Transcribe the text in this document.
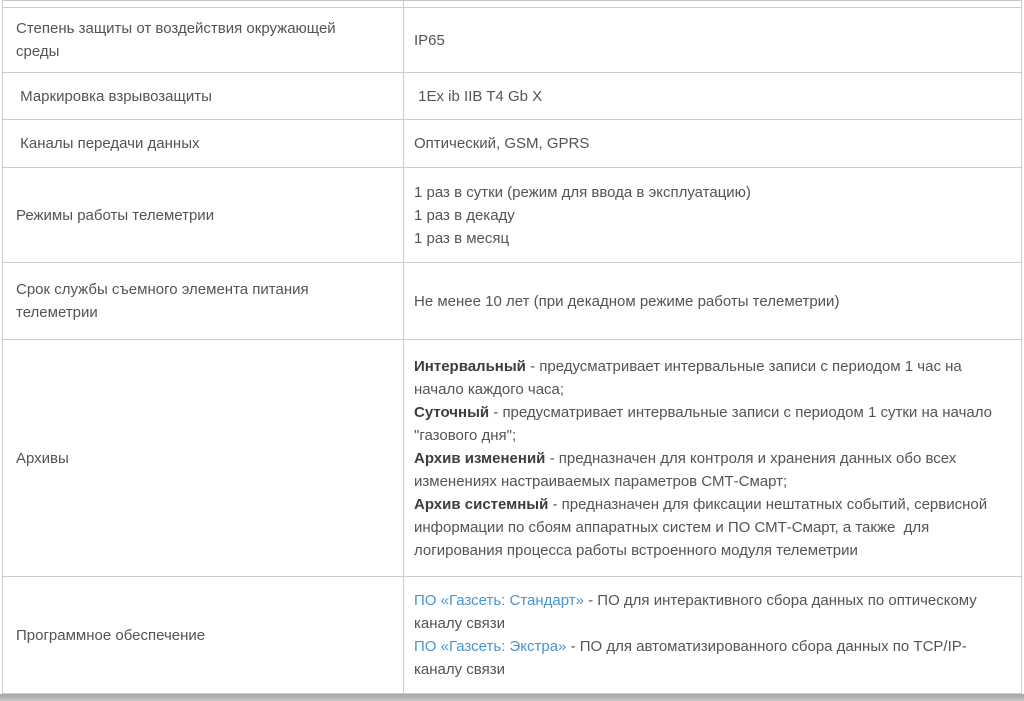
Степень защиты от воздействия окружающей среды
IP65
Маркировка взрывозащиты	1Ex ib IIB T4 Gb X
Каналы передачи данных	Оптический, GSM, GPRS
Режимы работы телеметрии
1 раз в сутки (режим для ввода в эксплуатацию)
1 раз в декаду
1 раз в месяц
Срок службы съемного элемента питания телеметрии
Не менее 10 лет (при декадном режиме работы телеметрии)
Архивы
Интервальный - предусматривает интервальные записи с периодом 1 час на начало каждого часа;
Суточный - предусматривает интервальные записи с периодом 1 сутки на начало "газового дня";
Архив изменений - предназначен для контроля и хранения данных обо всех изменениях настраиваемых параметров СМТ-Смарт;
Архив системный - предназначен для фиксации нештатных событий, сервисной информации по сбоям аппаратных систем и ПО СМТ-Смарт, а также  для логирования процесса работы встроенного модуля телеметрии
Программное обеспечение
ПО «Газсеть: Стандарт» - ПО для интерактивного сбора данных по оптическому каналу связи
ПО «Газсеть: Экстра» - ПО для автоматизированного сбора данных по TCP/IP-каналу связи
